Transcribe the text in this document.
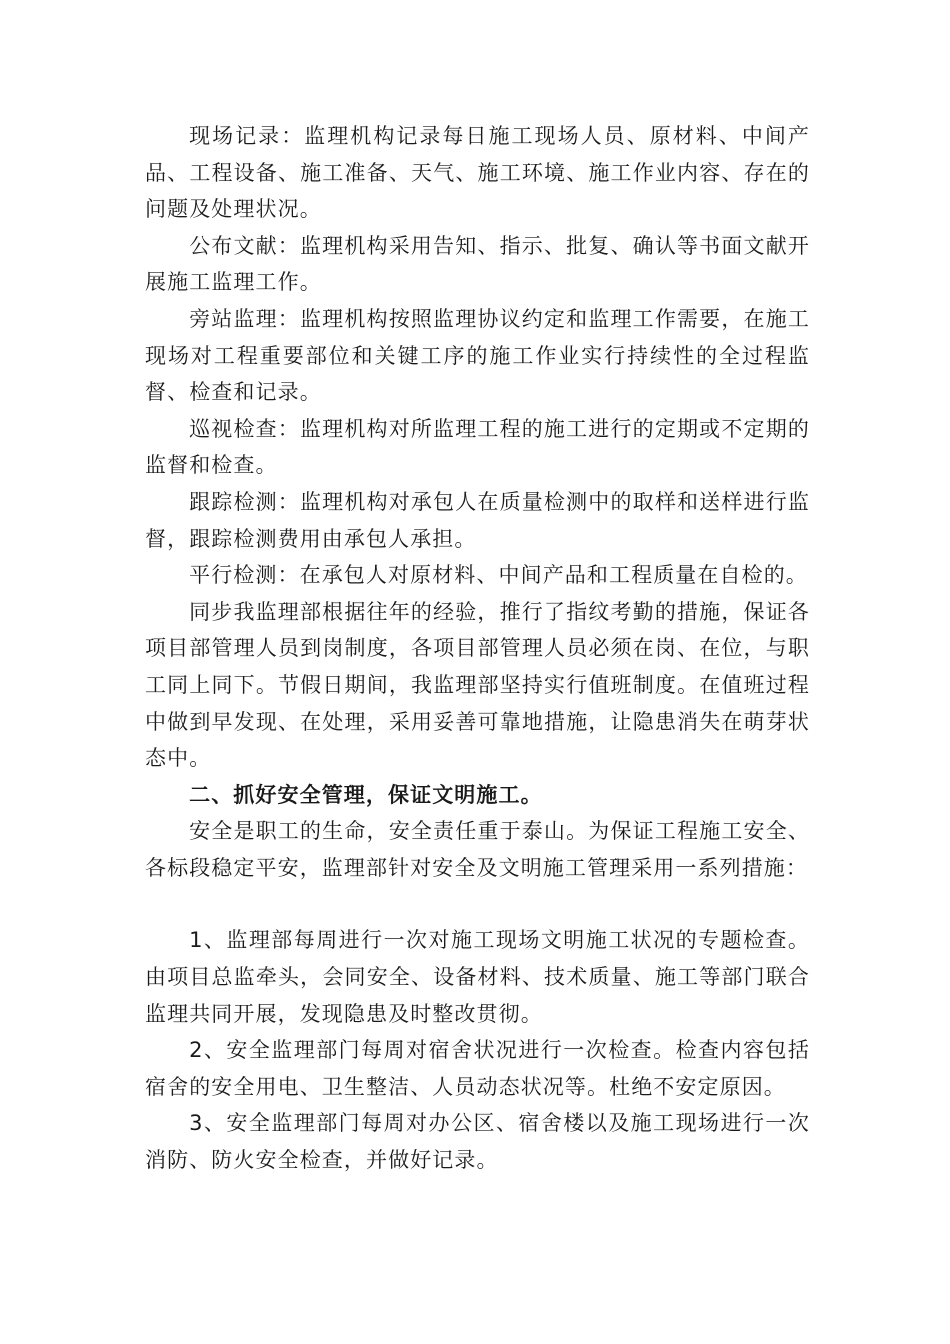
现场记录：监理机构记录每日施工现场人员、原材料、中间产品、工程设备、施工准备、天气、施工环境、施工作业内容、存在的问题及处理状况。

公布文献：监理机构采用告知、指示、批复、确认等书面文献开展施工监理工作。

旁站监理：监理机构按照监理协议约定和监理工作需要，在施工现场对工程重要部位和关键工序的施工作业实行持续性的全过程监督、检查和记录。

巡视检查：监理机构对所监理工程的施工进行的定期或不定期的监督和检查。

跟踪检测：监理机构对承包人在质量检测中的取样和送样进行监督，跟踪检测费用由承包人承担。

平行检测：在承包人对原材料、中间产品和工程质量在自检的。

同步我监理部根据往年的经验，推行了指纹考勤的措施，保证各项目部管理人员到岗制度，各项目部管理人员必须在岗、在位，与职工同上同下。节假日期间，我监理部坚持实行值班制度。在值班过程中做到早发现、在处理，采用妥善可靠地措施，让隐患消失在萌芽状态中。

二、抓好安全管理，保证文明施工。

安全是职工的生命，安全责任重于泰山。为保证工程施工安全、各标段稳定平安，监理部针对安全及文明施工管理采用一系列措施：

1、监理部每周进行一次对施工现场文明施工状况的专题检查。由项目总监牵头，会同安全、设备材料、技术质量、施工等部门联合监理共同开展，发现隐患及时整改贯彻。

2、安全监理部门每周对宿舍状况进行一次检查。检查内容包括宿舍的安全用电、卫生整洁、人员动态状况等。杜绝不安定原因。

3、安全监理部门每周对办公区、宿舍楼以及施工现场进行一次消防、防火安全检查，并做好记录。
